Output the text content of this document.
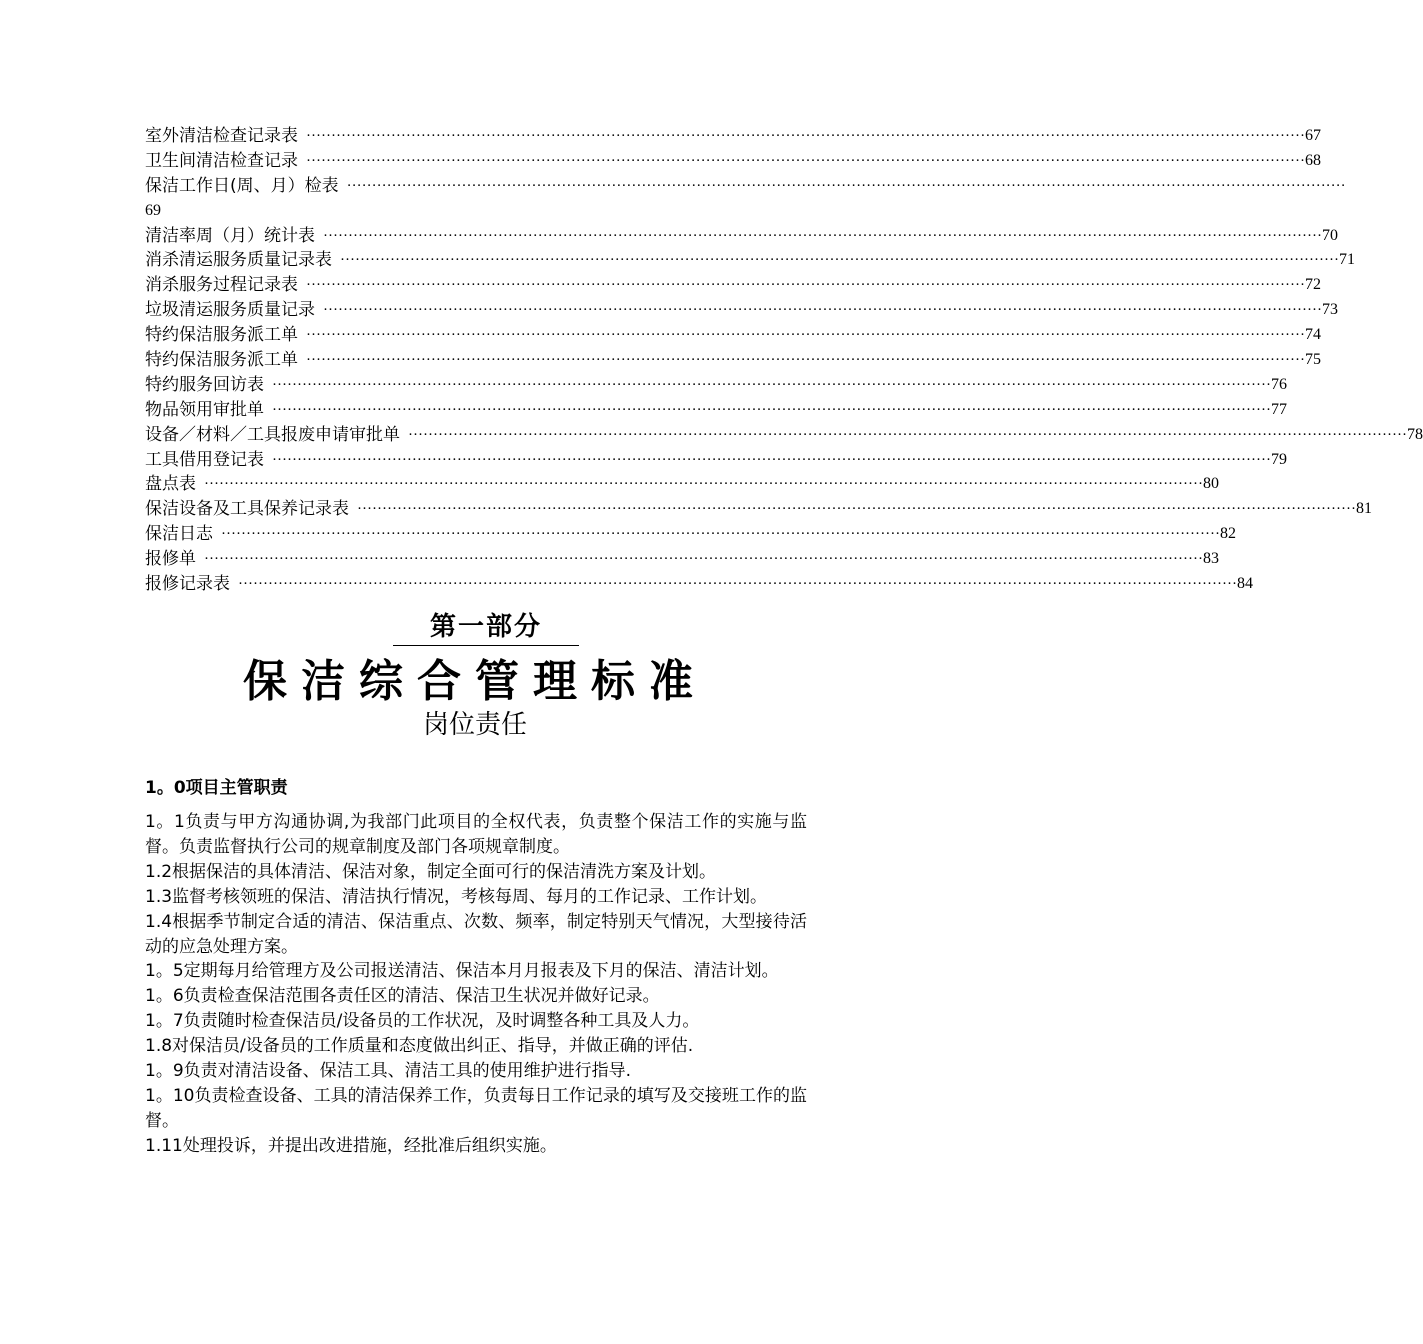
室外清洁检查记录表 ········································································································································································································ 67
卫生间清洁检查记录 ········································································································································································································ 68
保洁工作日(周、月）检表 ········································································································································································································
69
清洁率周（月）统计表 ········································································································································································································ 70
消杀清运服务质量记录表 ········································································································································································································ 71
消杀服务过程记录表 ········································································································································································································ 72
垃圾清运服务质量记录 ········································································································································································································ 73
特约保洁服务派工单 ········································································································································································································ 74
特约保洁服务派工单 ········································································································································································································ 75
特约服务回访表 ········································································································································································································ 76
物品领用审批单 ········································································································································································································ 77
设备／材料／工具报废申请审批单 ········································································································································································································ 78
工具借用登记表 ········································································································································································································ 79
盘点表 ········································································································································································································ 80
保洁设备及工具保养记录表 ········································································································································································································ 81
保洁日志 ········································································································································································································ 82
报修单 ········································································································································································································ 83
报修记录表 ········································································································································································································ 84
第一部分
保洁综合管理标准
岗位责任
1。0项目主管职责

1。1负责与甲方沟通协调,为我部门此项目的全权代表，负责整个保洁工作的实施与监督。负责监督执行公司的规章制度及部门各项规章制度。

1.2根据保洁的具体清洁、保洁对象，制定全面可行的保洁清洗方案及计划。

1.3监督考核领班的保洁、清洁执行情况，考核每周、每月的工作记录、工作计划。

1.4根据季节制定合适的清洁、保洁重点、次数、频率，制定特别天气情况，大型接待活动的应急处理方案。

1。5定期每月给管理方及公司报送清洁、保洁本月月报表及下月的保洁、清洁计划。

1。6负责检查保洁范围各责任区的清洁、保洁卫生状况并做好记录。

1。7负责随时检查保洁员/设备员的工作状况，及时调整各种工具及人力。

1.8对保洁员/设备员的工作质量和态度做出纠正、指导，并做正确的评估.

1。9负责对清洁设备、保洁工具、清洁工具的使用维护进行指导.

1。10负责检查设备、工具的清洁保养工作，负责每日工作记录的填写及交接班工作的监督。

1.11处理投诉，并提出改进措施，经批准后组织实施。
